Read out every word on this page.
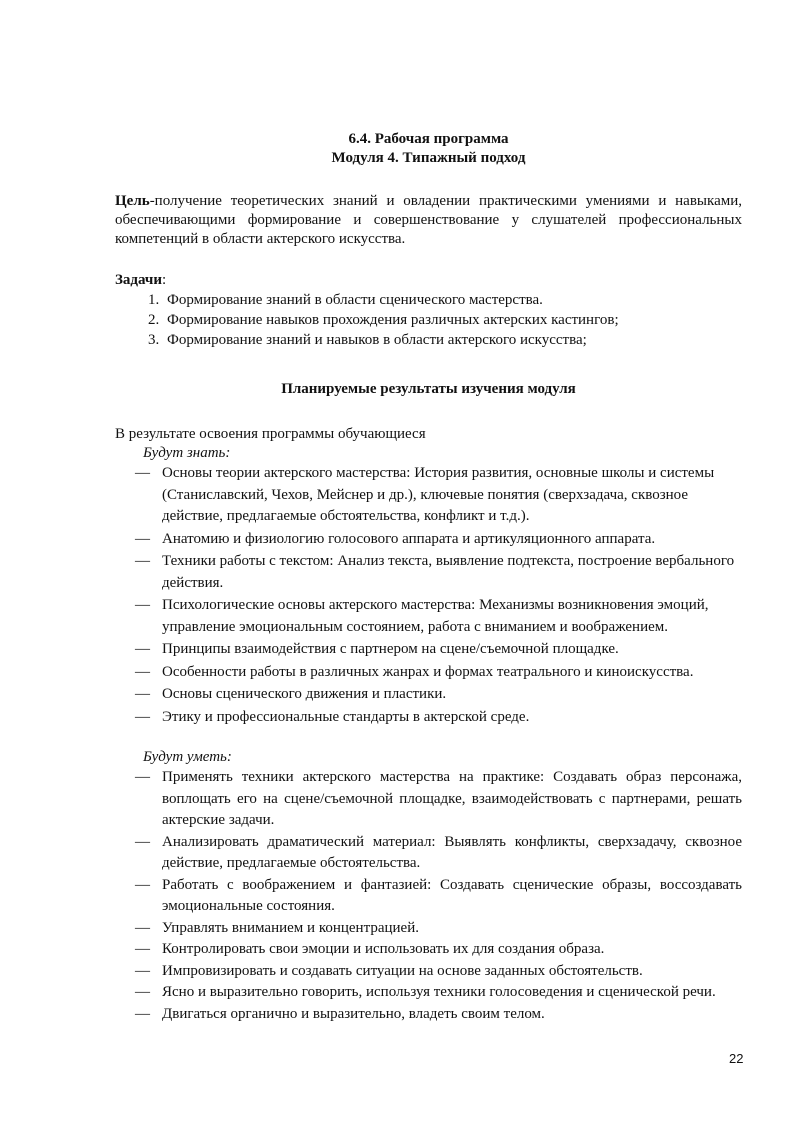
6.4. Рабочая программа

Модуля 4. Типажный подход

Цель-получение теоретических знаний и овладении практическими умениями и навыками, обеспечивающими формирование и совершенствование у слушателей профессиональных компетенций в области актерского искусства.
Задачи:
1. Формирование знаний в области сценического мастерства.
2. Формирование навыков прохождения различных актерских кастингов;
3. Формирование знаний и навыков в области актерского искусства;
Планируемые результаты изучения модуля
В результате освоения программы обучающиеся
Будут знать:
— Основы теории актерского мастерства: История развития, основные школы и системы (Станиславский, Чехов, Мейснер и др.), ключевые понятия (сверхзадача, сквозное действие, предлагаемые обстоятельства, конфликт и т.д.).
— Анатомию и физиологию голосового аппарата и артикуляционного аппарата.
— Техники работы с текстом: Анализ текста, выявление подтекста, построение вербального действия.
— Психологические основы актерского мастерства: Механизмы возникновения эмоций, управление эмоциональным состоянием, работа с вниманием и воображением.
— Принципы взаимодействия с партнером на сцене/съемочной площадке.
— Особенности работы в различных жанрах и формах театрального и киноискусства.
— Основы сценического движения и пластики.
— Этику и профессиональные стандарты в актерской среде.
Будут уметь:
— Применять техники актерского мастерства на практике: Создавать образ персонажа, воплощать его на сцене/съемочной площадке, взаимодействовать с партнерами, решать актерские задачи.
— Анализировать драматический материал: Выявлять конфликты, сверхзадачу, сквозное действие, предлагаемые обстоятельства.
— Работать с воображением и фантазией: Создавать сценические образы, воссоздавать эмоциональные состояния.
— Управлять вниманием и концентрацией.
— Контролировать свои эмоции и использовать их для создания образа.
— Импровизировать и создавать ситуации на основе заданных обстоятельств.
— Ясно и выразительно говорить, используя техники голосоведения и сценической речи.
— Двигаться органично и выразительно, владеть своим телом.
22
